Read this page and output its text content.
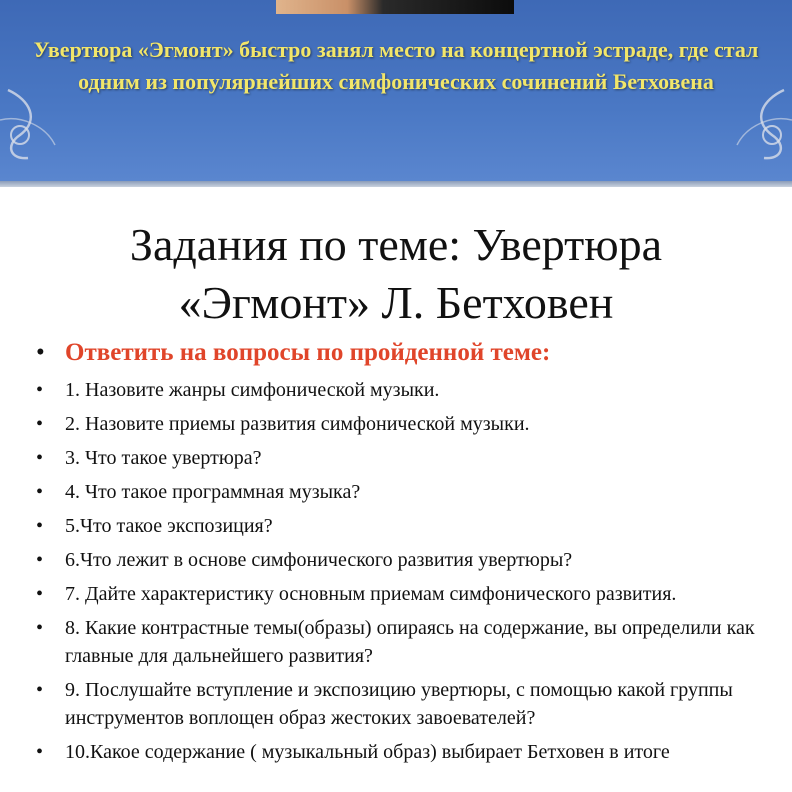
Увертюра «Эгмонт» быстро занял место на концертной эстраде, где стал одним из популярнейших симфонических сочинений Бетховена
Задания по теме: Увертюра «Эгмонт» Л. Бетховен
• Ответить на вопросы по пройденной теме:
• 1. Назовите жанры симфонической музыки.
• 2. Назовите приемы развития симфонической музыки.
• 3. Что такое увертюра?
• 4. Что такое программная музыка?
• 5.Что такое экспозиция?
• 6.Что лежит в основе симфонического развития увертюры?
• 7. Дайте характеристику основным приемам симфонического развития.
• 8. Какие контрастные темы(образы) опираясь на содержание, вы определили как главные для дальнейшего развития?
• 9. Послушайте вступление и экспозицию увертюры, с помощью какой группы инструментов воплощен образ жестоких завоевателей?
• 10.Какое содержание ( музыкальный образ) выбирает Бетховен в итоге
